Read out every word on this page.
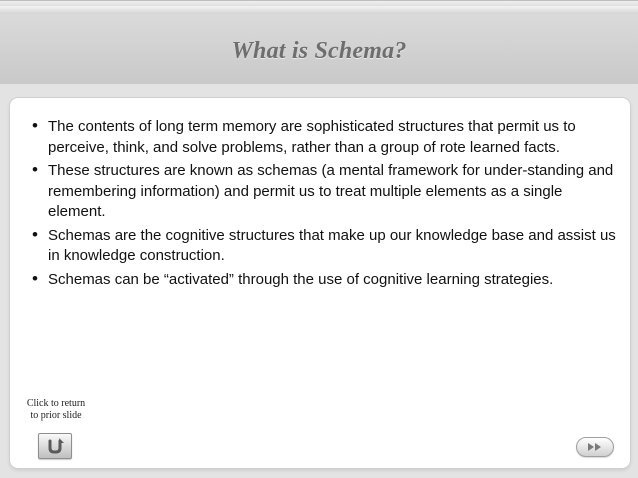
What is Schema?
• The contents of long term memory are sophisticated structures that permit us to perceive, think, and solve problems, rather than a group of rote learned facts.
• These structures are known as schemas (a mental framework for under-standing and remembering information) and permit us to treat multiple elements as a single element.
• Schemas are the cognitive structures that make up our knowledge base and assist us in knowledge construction.
• Schemas can be “activated” through the use of cognitive learning strategies.
Click to return to prior slide
